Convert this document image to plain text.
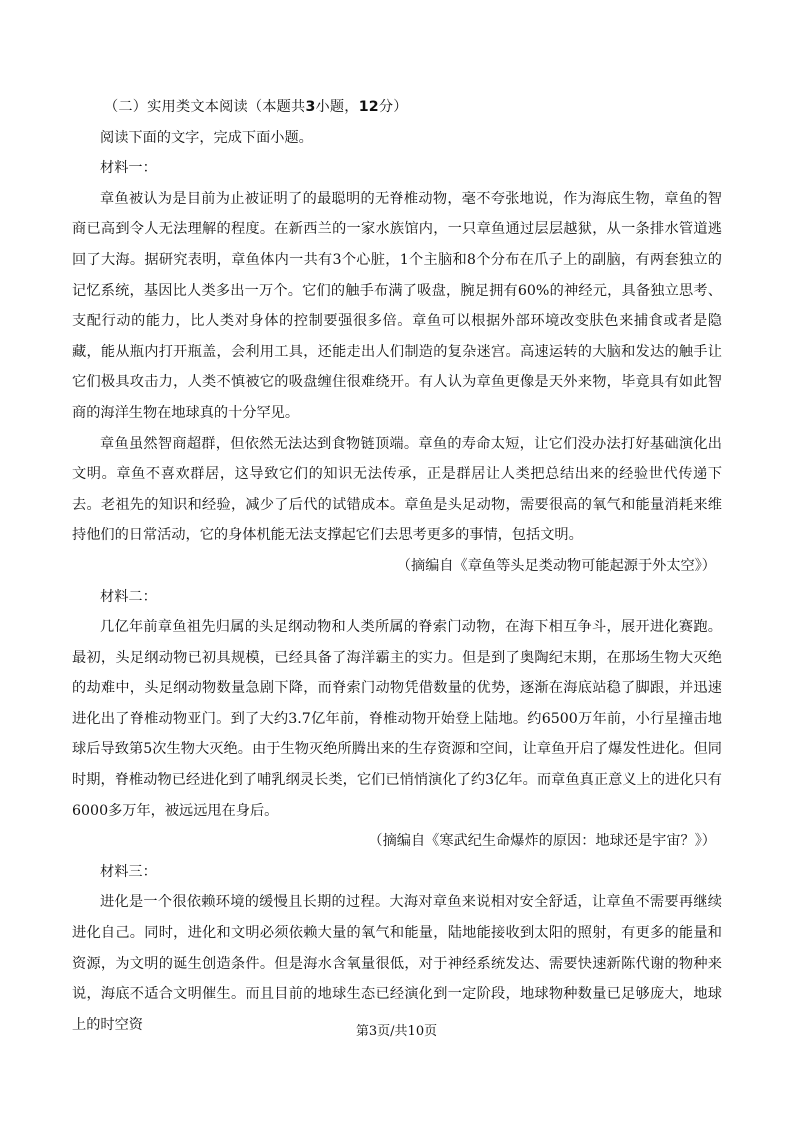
（二）实用类文本阅读（本题共3小题，12分）

阅读下面的文字，完成下面小题。

材料一：

章鱼被认为是目前为止被证明了的最聪明的无脊椎动物，毫不夸张地说，作为海底生物，章鱼的智商已高到令人无法理解的程度。在新西兰的一家水族馆内，一只章鱼通过层层越狱，从一条排水管道逃回了大海。据研究表明，章鱼体内一共有3个心脏，1个主脑和8个分布在爪子上的副脑，有两套独立的记忆系统，基因比人类多出一万个。它们的触手布满了吸盘，腕足拥有60%的神经元，具备独立思考、支配行动的能力，比人类对身体的控制要强很多倍。章鱼可以根据外部环境改变肤色来捕食或者是隐藏，能从瓶内打开瓶盖，会利用工具，还能走出人们制造的复杂迷宫。高速运转的大脑和发达的触手让它们极具攻击力，人类不慎被它的吸盘缠住很难绕开。有人认为章鱼更像是天外来物，毕竟具有如此智商的海洋生物在地球真的十分罕见。

章鱼虽然智商超群，但依然无法达到食物链顶端。章鱼的寿命太短，让它们没办法打好基础演化出文明。章鱼不喜欢群居，这导致它们的知识无法传承，正是群居让人类把总结出来的经验世代传递下去。老祖先的知识和经验，减少了后代的试错成本。章鱼是头足动物，需要很高的氧气和能量消耗来维持他们的日常活动，它的身体机能无法支撑起它们去思考更多的事情，包括文明。

（摘编自《章鱼等头足类动物可能起源于外太空》）

材料二：

几亿年前章鱼祖先归属的头足纲动物和人类所属的脊索门动物，在海下相互争斗，展开进化赛跑。最初，头足纲动物已初具规模，已经具备了海洋霸主的实力。但是到了奥陶纪末期，在那场生物大灭绝的劫难中，头足纲动物数量急剧下降，而脊索门动物凭借数量的优势，逐渐在海底站稳了脚跟，并迅速进化出了脊椎动物亚门。到了大约3.7亿年前，脊椎动物开始登上陆地。约6500万年前，小行星撞击地球后导致第5次生物大灭绝。由于生物灭绝所腾出来的生存资源和空间，让章鱼开启了爆发性进化。但同时期，脊椎动物已经进化到了哺乳纲灵长类，它们已悄悄演化了约3亿年。而章鱼真正意义上的进化只有6000多万年，被远远甩在身后。

（摘编自《寒武纪生命爆炸的原因：地球还是宇宙？》）

材料三：

进化是一个很依赖环境的缓慢且长期的过程。大海对章鱼来说相对安全舒适，让章鱼不需要再继续进化自己。同时，进化和文明必须依赖大量的氧气和能量，陆地能接收到太阳的照射，有更多的能量和资源，为文明的诞生创造条件。但是海水含氧量很低，对于神经系统发达、需要快速新陈代谢的物种来说，海底不适合文明催生。而且目前的地球生态已经演化到一定阶段，地球物种数量已足够庞大，地球上的时空资	第3页/共10页
